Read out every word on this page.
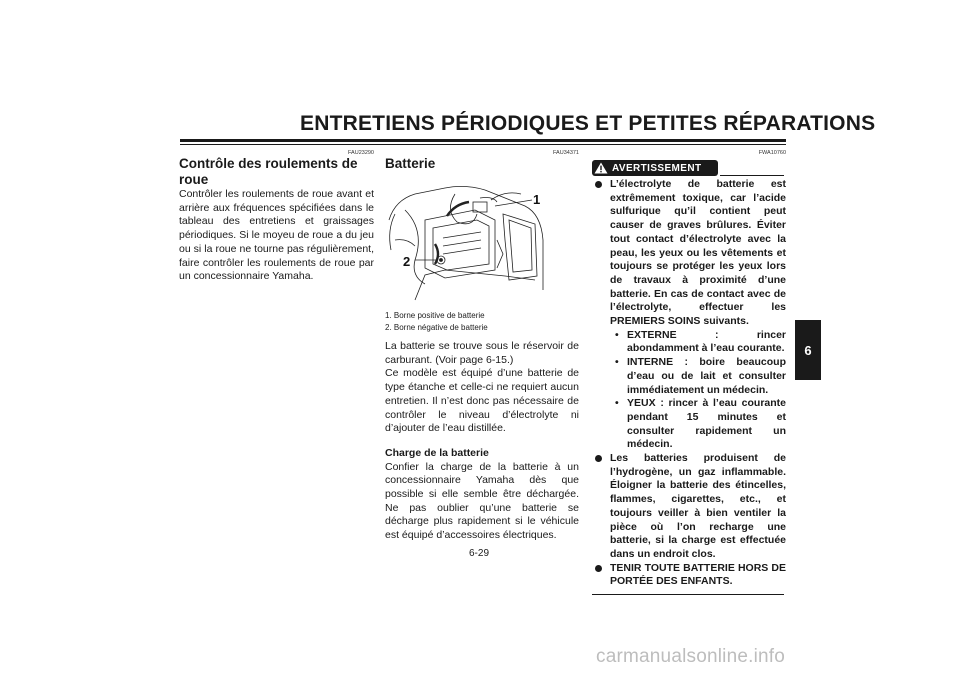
ENTRETIENS PÉRIODIQUES ET PETITES RÉPARATIONS
6
FAU23290
Contrôle des roulements de roue

Contrôler les roulements de roue avant et arrière aux fréquences spécifiées dans le tableau des entretiens et graissages périodiques. Si le moyeu de roue a du jeu ou si la roue ne tourne pas régulièrement, faire contrôler les roulements de roue par un concessionnaire Yamaha.

FAU34371
Batterie
1
2

1. Borne positive de batterie

2. Borne négative de batterie

La batterie se trouve sous le réservoir de carburant. (Voir page 6-15.)

Ce modèle est équipé d’une batterie de type étanche et celle-ci ne requiert aucun entretien. Il n’est donc pas nécessaire de contrôler le niveau d’électrolyte ni d’ajouter de l’eau distillée.

Charge de la batterie

Confier la charge de la batterie à un concessionnaire Yamaha dès que possible si elle semble être déchargée. Ne pas oublier qu’une batterie se décharge plus rapidement si le véhicule est équipé d’accessoires électriques.

FWA10760
AVERTISSEMENT
L’électrolyte de batterie est extrêmement toxique, car l’acide sulfurique qu’il contient peut causer de graves brûlures. Éviter tout contact d’électrolyte avec la peau, les yeux ou les vêtements et toujours se protéger les yeux lors de travaux à proximité d’une batterie. En cas de contact avec de l’électrolyte, effectuer les PREMIERS SOINS suivants.
• EXTERNE : rincer abondamment à l’eau courante.
• INTERNE : boire beaucoup d’eau ou de lait et consulter immédiatement un médecin.
• YEUX : rincer à l’eau courante pendant 15 minutes et consulter rapidement un médecin.
Les batteries produisent de l’hydrogène, un gaz inflammable. Éloigner la batterie des étincelles, flammes, cigarettes, etc., et toujours veiller à bien ventiler la pièce où l’on recharge une batterie, si la charge est effectuée dans un endroit clos.
TENIR TOUTE BATTERIE HORS DE PORTÉE DES ENFANTS.
6-29
carmanualsonline.info
